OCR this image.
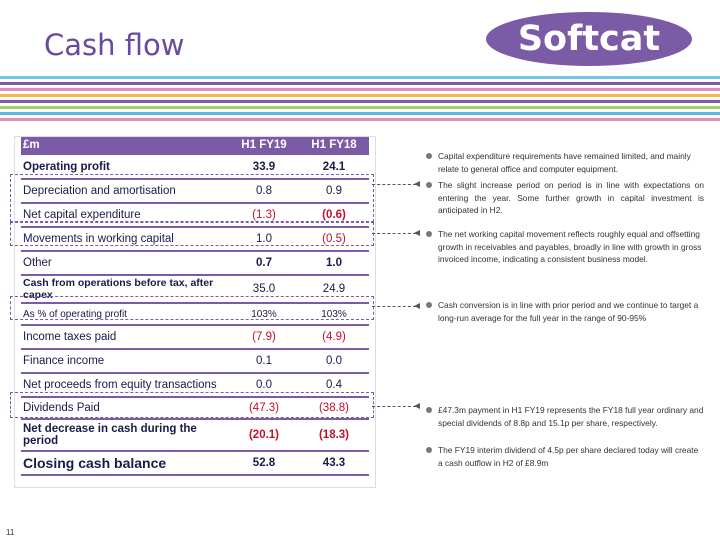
Cash flow	Softcat
£m	H1 FY19	H1 FY18
Operating profit	33.9	24.1
Depreciation and amortisation	0.8	0.9
Net capital expenditure	(1.3)	(0.6)
Movements in working capital	1.0	(0.5)
Other	0.7	1.0
Cash from operations before tax, after capex	35.0	24.9
As % of operating profit	103%	103%
Income taxes paid	(7.9)	(4.9)
Finance income	0.1	0.0
Net proceeds from equity transactions	0.0	0.4
Dividends Paid	(47.3)	(38.8)
Net decrease in cash during the period	(20.1)	(18.3)
Closing cash balance	52.8	43.3
Capital expenditure requirements have remained limited, and mainly relate to general office and computer equipment.
The slight increase period on period is in line with expectations on entering the year. Some further growth in capital investment is anticipated in H2.
The net working capital movement reflects roughly equal and offsetting growth in receivables and payables, broadly in line with growth in gross invoiced income, indicating a consistent business model.
Cash conversion is in line with prior period and we continue to target a long-run average for the full year in the range of 90-95%
£47.3m payment in H1 FY19 represents the FY18 full year ordinary and special dividends of 8.8p and 15.1p per share, respectively.
The FY19 interim dividend of 4.5p per share declared today will create a cash outflow in H2 of £8.9m
11
